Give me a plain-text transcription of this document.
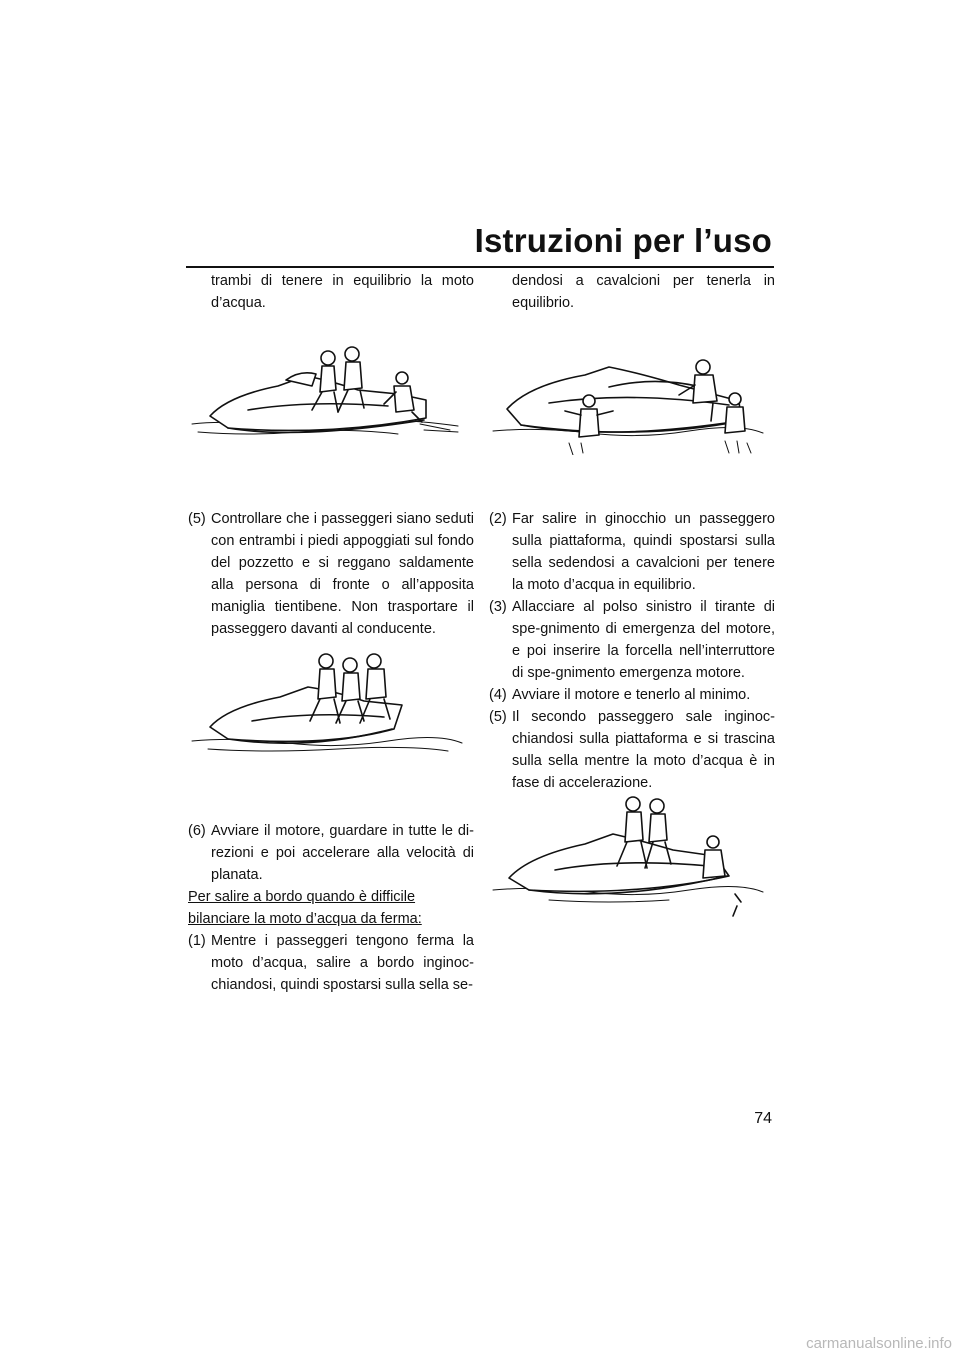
Istruzioni per l’uso

trambi di tenere in equilibrio la moto d’acqua.

(5) Controllare che i passeggeri siano seduti con entrambi i piedi appoggiati sul fondo del pozzetto e si reggano saldamente alla persona di fronte o all’apposita maniglia tientibene. Non trasportare il passeggero davanti al conducente.

(6) Avviare il motore, guardare in tutte le di-rezioni e poi accelerare alla velocità di planata.

Per salire a bordo quando è difficile bilanciare la moto d’acqua da ferma:

(1) Mentre i passeggeri tengono ferma la moto d’acqua, salire a bordo inginoc-chiandosi, quindi spostarsi sulla sella se-

dendosi a cavalcioni per tenerla in equilibrio.

(2) Far salire in ginocchio un passeggero sulla piattaforma, quindi spostarsi sulla sella sedendosi a cavalcioni per tenere la moto d’acqua in equilibrio.

(3) Allacciare al polso sinistro il tirante di spe-gnimento di emergenza del motore, e poi inserire la forcella nell’interruttore di spe-gnimento emergenza motore.

(4) Avviare il motore e tenerlo al minimo.

(5) Il secondo passeggero sale inginoc-chiandosi sulla piattaforma e si trascina sulla sella mentre la moto d’acqua è in fase di accelerazione.

74
carmanualsonline.info
